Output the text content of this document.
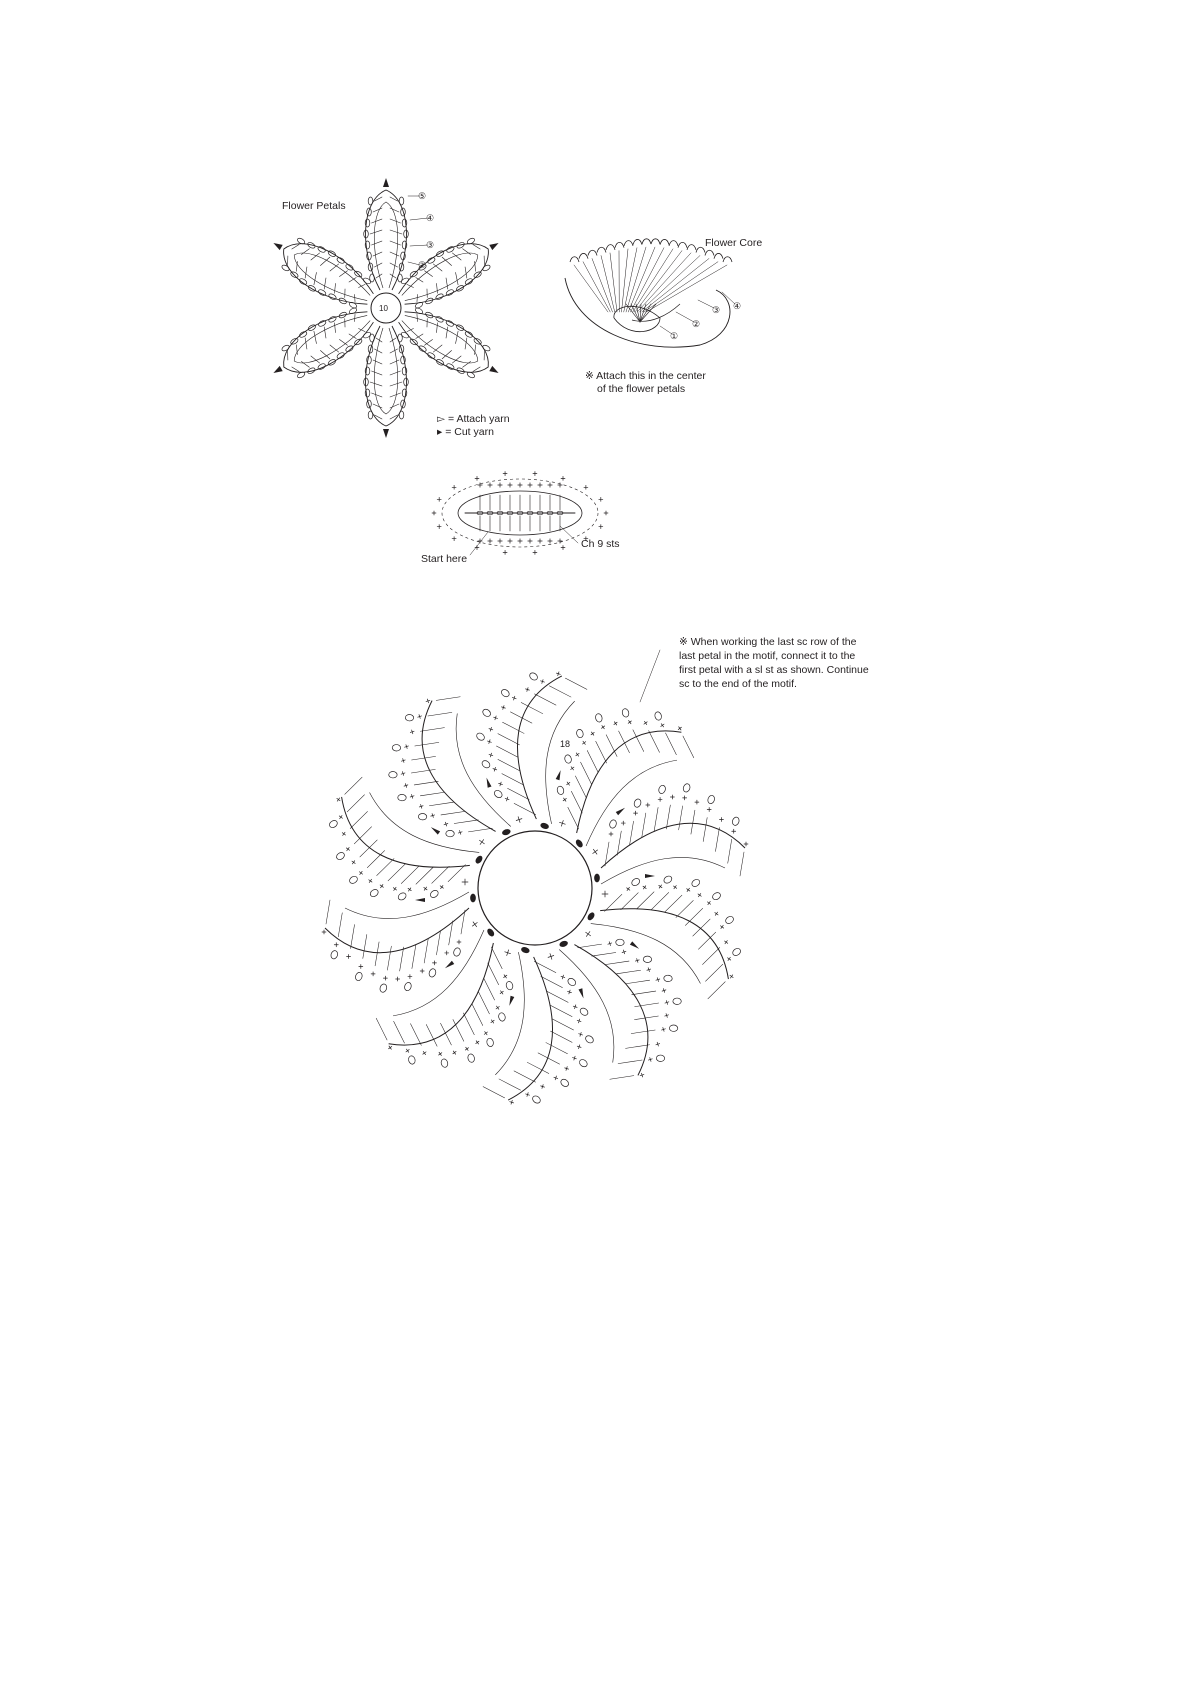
Flower Petals
10
⑤
④
③
②
▻ = Attach yarn
▸ = Cut yarn
Flower Core
①
②
③ ④
※ Attach this in the center
of the flower petals
Start here
Ch 9 sts
※ When working the last sc row of the
last petal in the motif, connect it to the
first petal with a sl st as shown. Continue
sc to the end of the motif.
18
